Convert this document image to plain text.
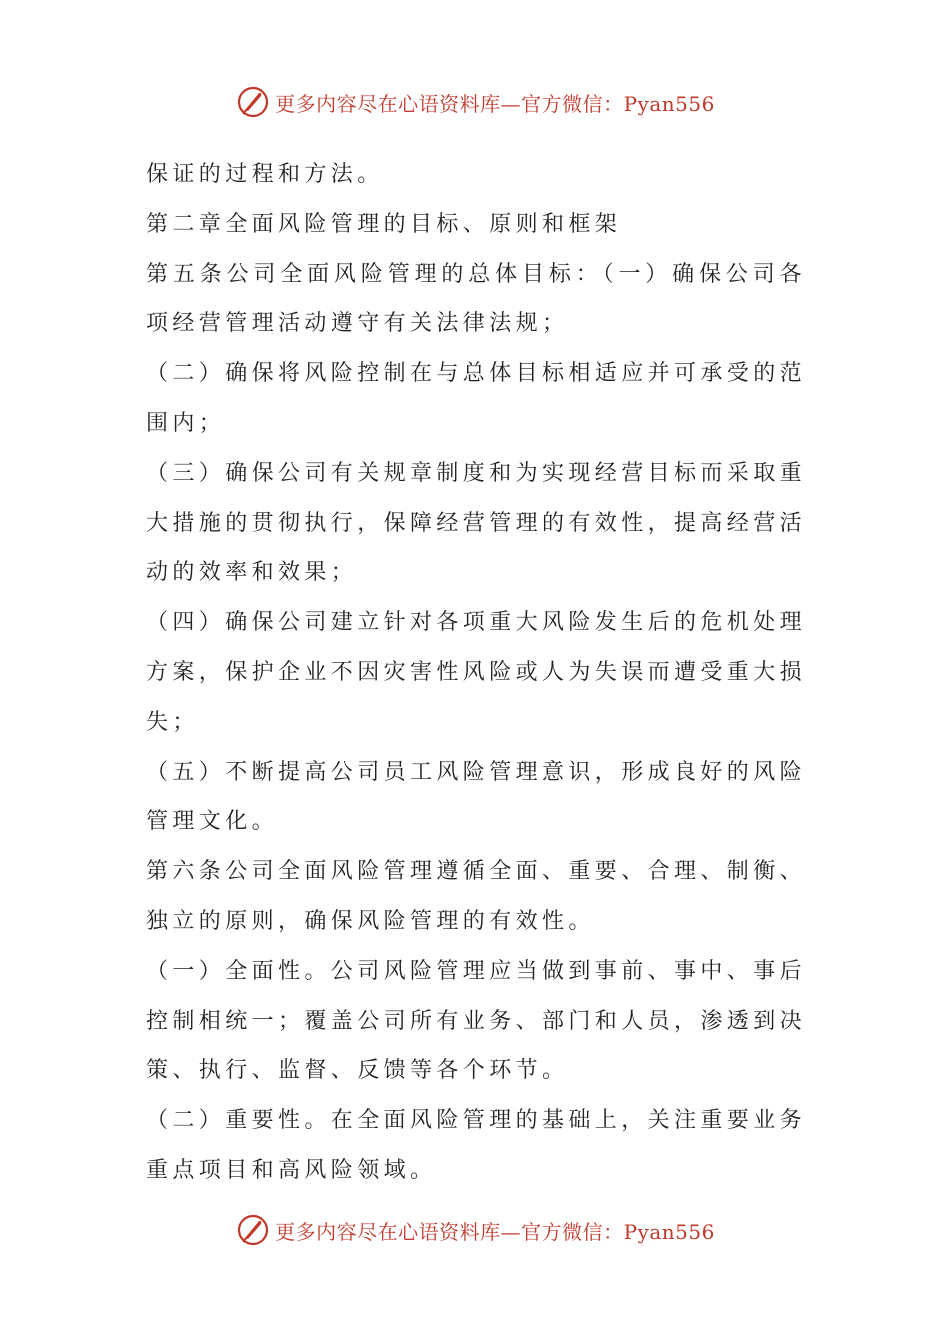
更多内容尽在心语资料库—官方微信：Pyan556

保证的过程和方法。

第二章全面风险管理的目标、原则和框架

第五条公司全面风险管理的总体目标：（一）确保公司各项经营管理活动遵守有关法律法规；

（二）确保将风险控制在与总体目标相适应并可承受的范围内；

（三）确保公司有关规章制度和为实现经营目标而采取重大措施的贯彻执行，保障经营管理的有效性，提高经营活动的效率和效果；

（四）确保公司建立针对各项重大风险发生后的危机处理方案，保护企业不因灾害性风险或人为失误而遭受重大损失；

（五）不断提高公司员工风险管理意识，形成良好的风险管理文化。

第六条公司全面风险管理遵循全面、重要、合理、制衡、独立的原则，确保风险管理的有效性。

（一）全面性。公司风险管理应当做到事前、事中、事后控制相统一；覆盖公司所有业务、部门和人员，渗透到决策、执行、监督、反馈等各个环节。

（二）重要性。在全面风险管理的基础上，关注重要业务重点项目和高风险领域。

更多内容尽在心语资料库—官方微信：Pyan556
